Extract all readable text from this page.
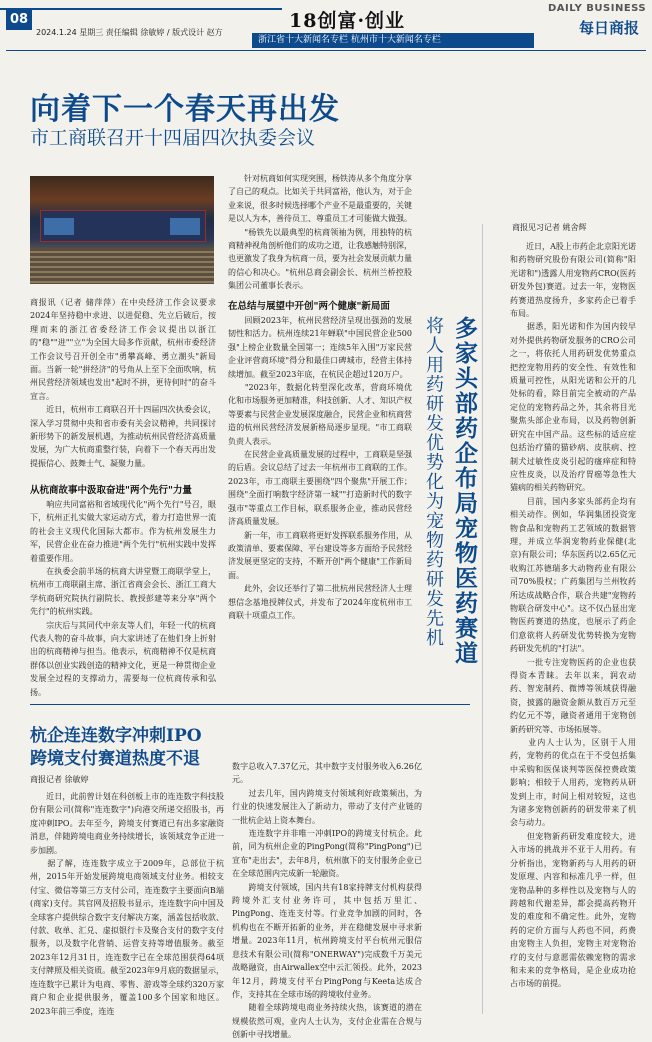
08
2024.1.24 星期三 责任编辑 徐敏婷 / 版式设计 赵方
18创富·创业
DAILY BUSINESS
每日商报
浙江省十大新闻名专栏 杭州市十大新闻名专栏
向着下一个春天再出发
市工商联召开十四届四次执委会议
商报讯（记者 储萍萍）在中央经济工作会议要求2024年坚持稳中求进、以进促稳、先立后破后，按理而来的浙江省委经济工作会议提出以浙江的"稳""进""立"为全国大局多作贡献，杭州市委经济工作会议号召开创全市"勇攀高峰、勇立潮头"新局面。当新一轮"拼经济"的号角从上至下全面吹响，杭州民营经济领域也发出"起时不拼，更待何时"的奋斗宣言。
　　近日，杭州市工商联召开十四届四次执委会议，深入学习贯彻中央和省市委有关会议精神，共同探讨新形势下的新发展机遇，为推动杭州民营经济高质量发展，为广大杭商重整行装，向着下一个春天再出发提振信心、鼓舞士气、凝聚力量。
从杭商故事中汲取奋进"两个先行"力量
　　响应共同富裕和省域现代化"两个先行"号召，眼下，杭州正扎实做大家运动方式，着力打造世界一流的社会主义现代化国际大都市。作为杭州发展生力军，民营企业在奋力推进"两个先行"杭州实践中发挥着重要作用。
　　在执委会前半场的杭商大讲堂暨工商联学堂上，杭州市工商联副主席、浙江省商会会长、浙江工商大学杭商研究院执行副院长、教授彭建等来分享"两个先行"的杭州实践。
　　宗庆后与其同代中亲友等人们，年轻一代的杭商代表人物的奋斗故事，向大家讲述了在他们身上折射出的杭商精神与担当。他表示，杭商精神不仅是杭商群体以创业实践创造的精神文化，更是一种贯彻企业发展全过程的支撑动力，需要每一位杭商传承和弘扬。
　　针对杭商如何实现突围，杨铁涛从多个角度分享了自己的观点。比如关于共同富裕，他认为，对于企业来说，很多时候选择哪个产业不是最重要的，关键是以人为本，善待员工、尊重员工才可能做大做强。
　　"杨铁先以最典型的杭商领袖为例，用独特的杭商精神视角剖析他们的成功之道，让我感触特别深，也更激发了我身为杭商一员，要为社会发展贡献力量的信心和决心。"杭州总商会副会长、杭州兰桥控股集团公司董事长表示。
在总结与展望中开创"两个健康"新局面
　　回顾2023年，杭州民营经济呈现出强劲的发展韧性和活力。杭州连续21年蝉联"中国民营企业500强"上榜企业数量全国第一；连续5年入围"万家民营企业评营商环境"得分和最佳口碑城市，经营主体持续增加。截至2023年底，在杭民企超过120万户。
　　"2023年，数据化转型深化改革，营商环境优化和市场服务更加精准，科技创新、人才、知识产权等要素与民营企业发展深度融合，民营企业和杭商营造的杭州民营经济发展新格局逐步显现。"市工商联负责人表示。
　　在民营企业高质量发展的过程中，工商联是坚强的后盾。会议总结了过去一年杭州市工商联的工作。2023年，市工商联主要围绕"四个聚焦"开展工作；围绕"全面打响数字经济第一城""打造新时代的数字强市"等重点工作目标，联系服务企业，推动民营经济高质量发展。
　　新一年，市工商联将更好发挥联系服务作用，从政策清单、要素保障、平台建设等多方面给予民营经济发展更坚定的支持，不断开创"两个健康"工作新局面。
　　此外，会议还举行了第二批杭州民营经济人士理想信念基地授牌仪式，并发布了2024年度杭州市工商联十项重点工作。	多家头部药企布局宠物医药赛道
将人用药研发优势化为宠物药研发先机
商报见习记者 姚舍辉
　　近日，A股上市药企北京阳光诺和药物研究股份有限公司(简称"阳光诺和")透露人用宠物药CRO(医药研发外包)赛道。过去一年，宠物医药赛道热度扬升，多家药企已着手布局。
　　据悉，阳光诺和作为国内较早对外提供药物研发服务的CRO公司之一，将依托人用药研发优势重点把控宠物用药的安全性、有效性和质量可控性，从阳光诺和公开的几处标的看，除目前完全被动的产品定位的宠物药品之外，其余将目光聚焦头部企业布局，以及药物创新研究在中国产品。这些标的适应症包括治疗猫的猫砂病、皮肤病、控制犬过敏性皮炎引起的瘙痒症和特应性皮炎，以及治疗胃癌等急性大猫病的相关药物研究。
　　目前，国内多家头部药企均有相关动作。例如，华润集团投资宠物食品和宠物药工艺领域的数据管理，并成立华润宠物药业保健(北京)有限公司；华东医药以2.65亿元收购江苏德瑞多大动物药业有限公司70%股权；广药集团与兰州牧药所达成战略合作，联合共建"宠物药物联合研发中心"。这不仅凸显出宠物医药赛道的热度，也展示了药企们意欲将人药研发优势转换为宠物药研发先机的"打法"。
　　一批专注宠物医药的企业也获得资本青睐。去年以来，润农动药、智宠制药、微博等领域获得融资，披露的融资金额从数百万元至约亿元不等，融资者通用于宠物创新药研究等、市场拓展等。
　　业内人士认为，区别于人用药，宠物药的优点在于不受包括集中采购和医保谈判等医保控费政策影响；相较于人用药，宠物药从研发到上市，时间上相对较短，这也为诸多宠物创新药的研发带来了机会与动力。
　　但宠物新药研发难度较大，进入市场的挑战并不亚于人用药。有分析指出，宠物新药与人用药的研发原理、内容和标准几乎一样，但宠物品种的多样性以及宠物与人的跨越和代谢差异，都会提高药物开发的难度和不确定性。此外，宠物药的定价方面与人药也不同，药费由宠物主人负担，宠物主对宠物治疗的支付与意愿需依赖宠物的需求和未来的竞争格局，是企业成功抢占市场的前提。
杭企连连数字冲刺IPO
跨境支付赛道热度不退
商报记者 徐敏婷
　　近日，此前曾计划在科创板上市的连连数字科技股份有限公司(简称"连连数字")向港交所递交招股书，再度冲刺IPO。去年至今，跨境支付赛道已有出多家融资消息，伴随跨境电商业务持续增长，该领域竞争正进一步加剧。
　　据了解，连连数字成立于2009年，总部位于杭州，2015年开始发展跨境电商领域支付业务。相较支付宝、微信等第三方支付公司，连连数字主要面向B端(商家)支付。其官网及招股书显示，连连数字向中国及全球客户提供综合数字支付解决方案，涵盖包括收款、付款、收单、汇兑、虚拟银行卡及聚合支付的数字支付服务，以及数字化营销、运营支持等增值服务。截至2023年12月31日，连连数字已在全球范围获得64项支付牌照及相关资质。截至2023年9月底的数据显示，连连数字已累计为电商、零售、游戏等全球约320万家商户和企业提供服务，覆盖100多个国家和地区。2023年前三季度，连连
数字总收入7.37亿元，其中数字支付服务收入6.26亿元。
　　过去几年，国内跨境支付领域利好政策频出，为行业的快速发展注入了新动力，带动了支付产业链的一批杭企站上资本舞台。
　　连连数字并非唯一冲刺IPO的跨境支付杭企。此前，同为杭州企业的PingPong(简称"PingPong")已宣布"走出去"，去年8月，杭州旗下的支付服务企业已在全球范围内完成新一轮融资。
　　跨境支付领域，国内共有18家持牌支付机构获得跨境外汇支付业务许可，其中包括万里汇、PingPong、连连支付等。行业竞争加剧的同时，各机构也在不断开拓新的业务，并在稳健发展中寻求新增量。2023年11月，杭州跨境支付平台杭州元服信息技术有限公司(简称"ONERWAY")完成数千万美元战略融资，由Airwallex空中云汇领投。此外，2023年12月，跨境支付平台PingPong与Keeta达成合作，支持其在全球市场的跨境收付业务。
　　随着全球跨境电商业务持续火热，该赛道的潜在规模依然可观，业内人士认为，支付企业需在合规与创新中寻找增量。
